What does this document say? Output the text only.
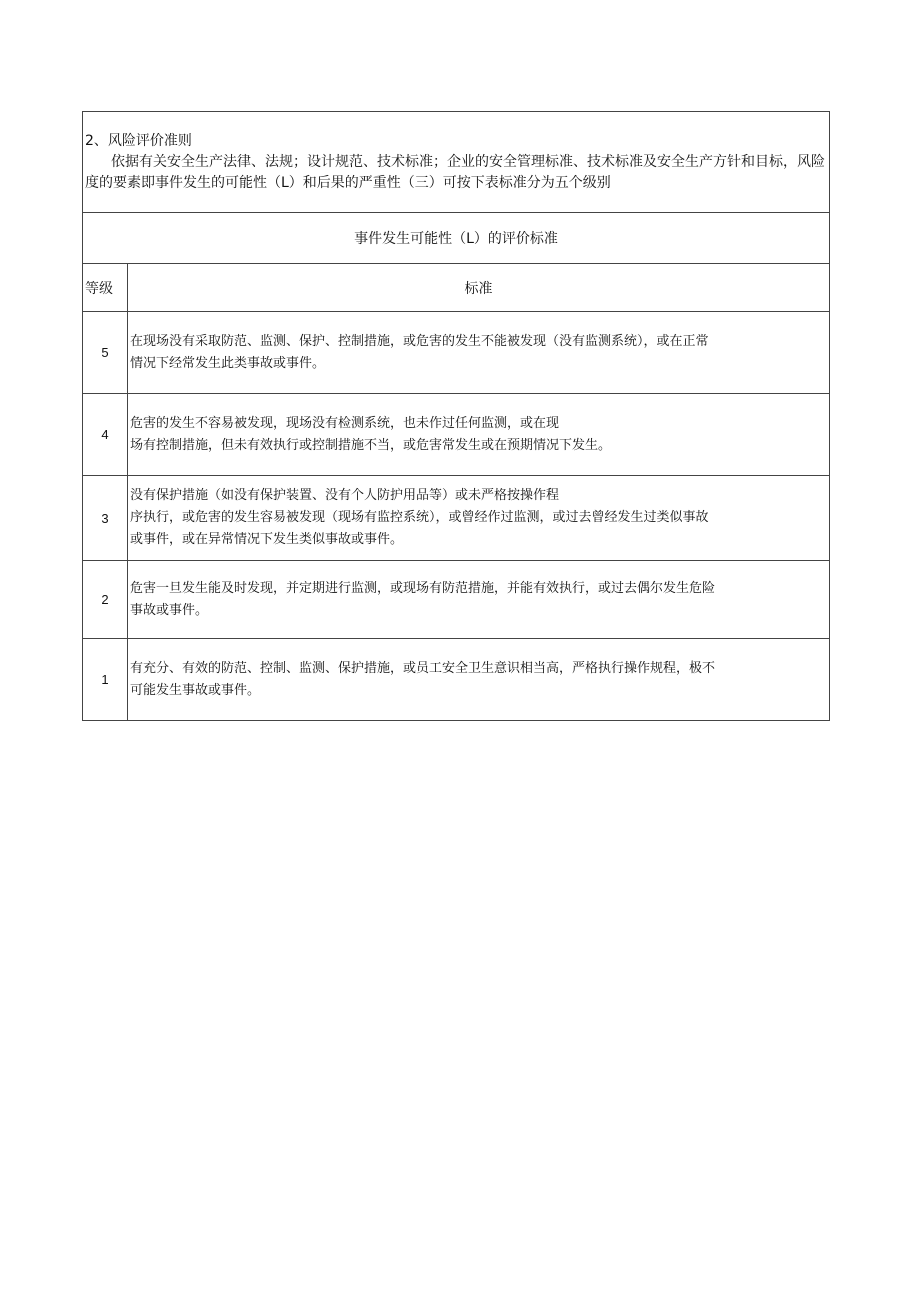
2、风险评价准则
依据有关安全生产法律、法规；设计规范、技术标准；企业的安全管理标准、技术标准及安全生产方针和目标，风险度的要素即事件发生的可能性（L）和后果的严重性（三）可按下表标准分为五个级别	

事件发生可能性（L）的评价标准	
等级	标准
5	在现场没有采取防范、监测、保护、控制措施，或危害的发生不能被发现（没有监测系统），或在正常
情况下经常发生此类事故或事件。

4	危害的发生不容易被发现，现场没有检测系统，也未作过任何监测，或在现
场有控制措施，但未有效执行或控制措施不当，或危害常发生或在预期情况下发生。

3	没有保护措施（如没有保护装置、没有个人防护用品等）或未严格按操作程
序执行，或危害的发生容易被发现（现场有监控系统），或曾经作过监测，或过去曾经发生过类似事故
或事件，或在异常情况下发生类似事故或事件。

2	危害一旦发生能及时发现，并定期进行监测，或现场有防范措施，并能有效执行，或过去偶尔发生危险
事故或事件。

1	有充分、有效的防范、控制、监测、保护措施，或员工安全卫生意识相当高，严格执行操作规程，极不
可能发生事故或事件。
